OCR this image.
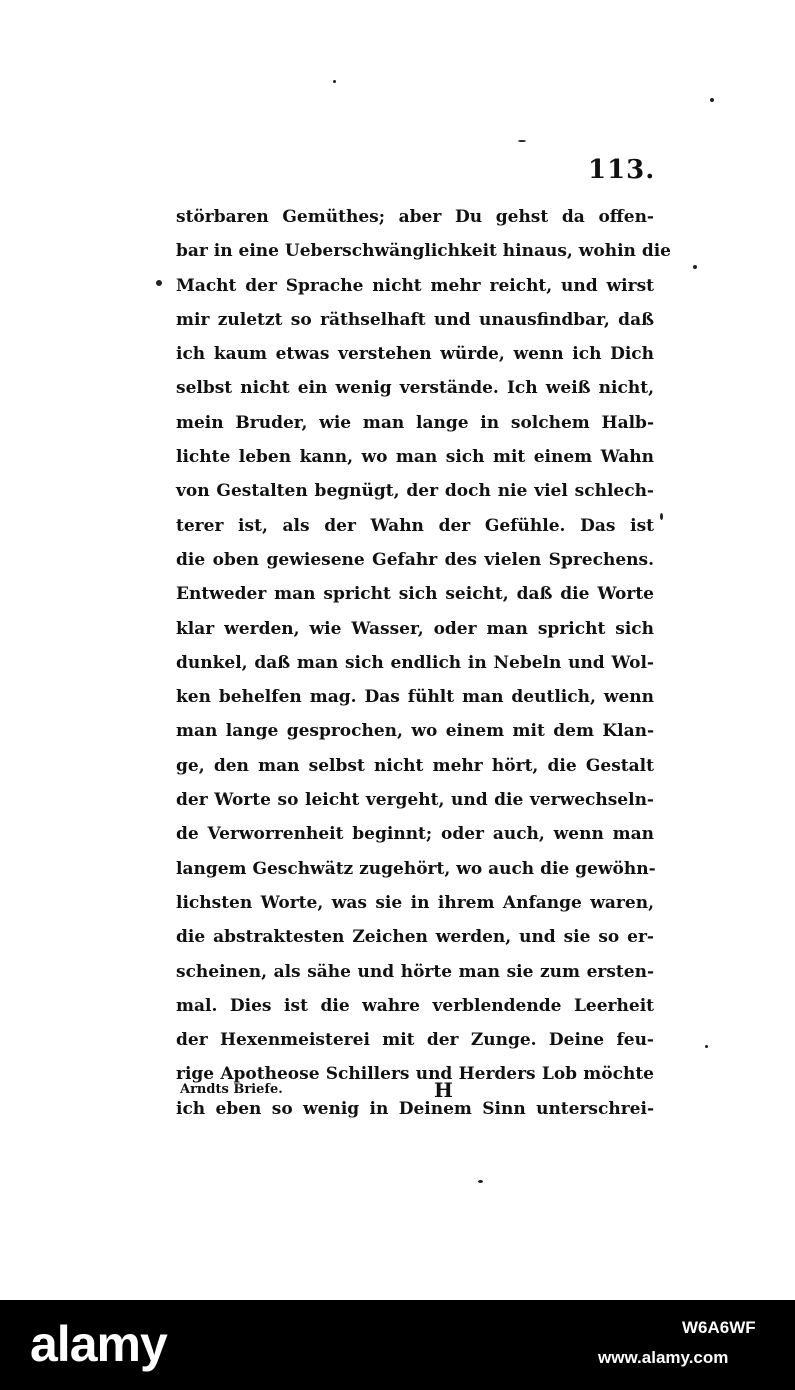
113.
störbaren Gemüthes; aber Du gehst da offen-
bar in eine Ueberschwänglichkeit hinaus, wohin die
Macht der Sprache nicht mehr reicht, und wirst
mir zuletzt so räthselhaft und unausfindbar, daß
ich kaum etwas verstehen würde, wenn ich Dich
selbst nicht ein wenig verstände. Ich weiß nicht,
mein Bruder, wie man lange in solchem Halb-
lichte leben kann, wo man sich mit einem Wahn
von Gestalten begnügt, der doch nie viel schlech-
terer ist, als der Wahn der Gefühle. Das ist
die oben gewiesene Gefahr des vielen Sprechens.
Entweder man spricht sich seicht, daß die Worte
klar werden, wie Wasser, oder man spricht sich
dunkel, daß man sich endlich in Nebeln und Wol-
ken behelfen mag. Das fühlt man deutlich, wenn
man lange gesprochen, wo einem mit dem Klan-
ge, den man selbst nicht mehr hört, die Gestalt
der Worte so leicht vergeht, und die verwechseln-
de Verworrenheit beginnt; oder auch, wenn man
langem Geschwätz zugehört, wo auch die gewöhn-
lichsten Worte, was sie in ihrem Anfange waren,
die abstraktesten Zeichen werden, und sie so er-
scheinen, als sähe und hörte man sie zum ersten-
mal. Dies ist die wahre verblendende Leerheit
der Hexenmeisterei mit der Zunge. Deine feu-
rige Apotheose Schillers und Herders Lob möchte
ich eben so wenig in Deinem Sinn unterschrei-
Arndts Briefe.	H
alamy	W6A6WF
www.alamy.com
